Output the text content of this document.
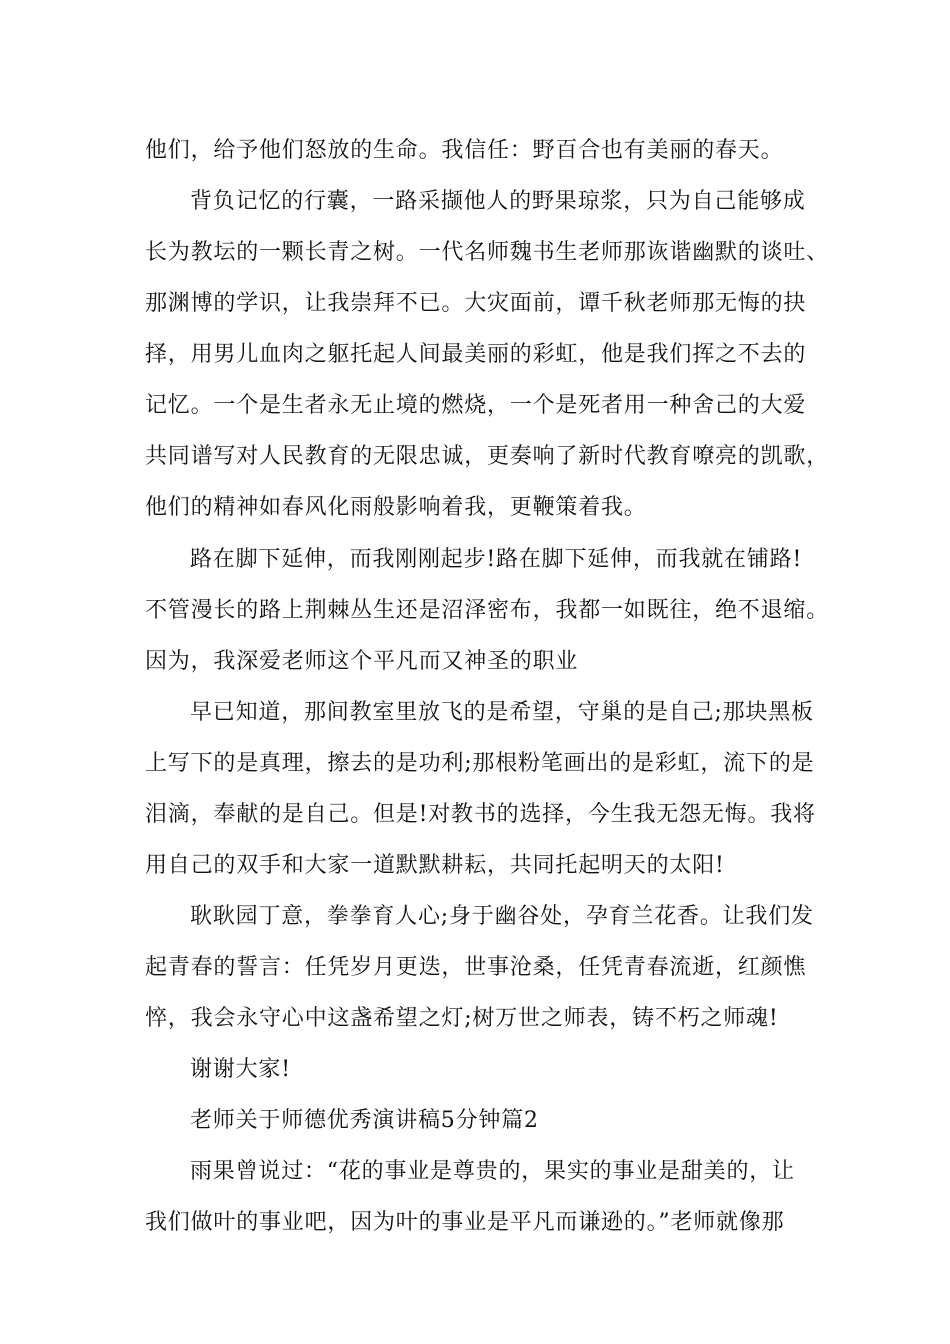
他们，给予他们怒放的生命。我信任：野百合也有美丽的春天。
背负记忆的行囊，一路采撷他人的野果琼浆，只为自己能够成
长为教坛的一颗长青之树。一代名师魏书生老师那诙谐幽默的谈吐、
那渊博的学识，让我崇拜不已。大灾面前，谭千秋老师那无悔的抉
择，用男儿血肉之躯托起人间最美丽的彩虹，他是我们挥之不去的
记忆。一个是生者永无止境的燃烧，一个是死者用一种舍己的大爱
共同谱写对人民教育的无限忠诚，更奏响了新时代教育嘹亮的凯歌，
他们的精神如春风化雨般影响着我，更鞭策着我。
路在脚下延伸，而我刚刚起步!路在脚下延伸，而我就在铺路!
不管漫长的路上荆棘丛生还是沼泽密布，我都一如既往，绝不退缩。
因为，我深爱老师这个平凡而又神圣的职业
早已知道，那间教室里放飞的是希望，守巢的是自己;那块黑板
上写下的是真理，擦去的是功利;那根粉笔画出的是彩虹，流下的是
泪滴，奉献的是自己。但是!对教书的选择，今生我无怨无悔。我将
用自己的双手和大家一道默默耕耘，共同托起明天的太阳!
耿耿园丁意，拳拳育人心;身于幽谷处，孕育兰花香。让我们发
起青春的誓言：任凭岁月更迭，世事沧桑，任凭青春流逝，红颜憔
悴，我会永守心中这盏希望之灯;树万世之师表，铸不朽之师魂!
谢谢大家!
老师关于师德优秀演讲稿5分钟篇2
雨果曾说过：“花的事业是尊贵的，果实的事业是甜美的，让
我们做叶的事业吧，因为叶的事业是平凡而谦逊的。”老师就像那
